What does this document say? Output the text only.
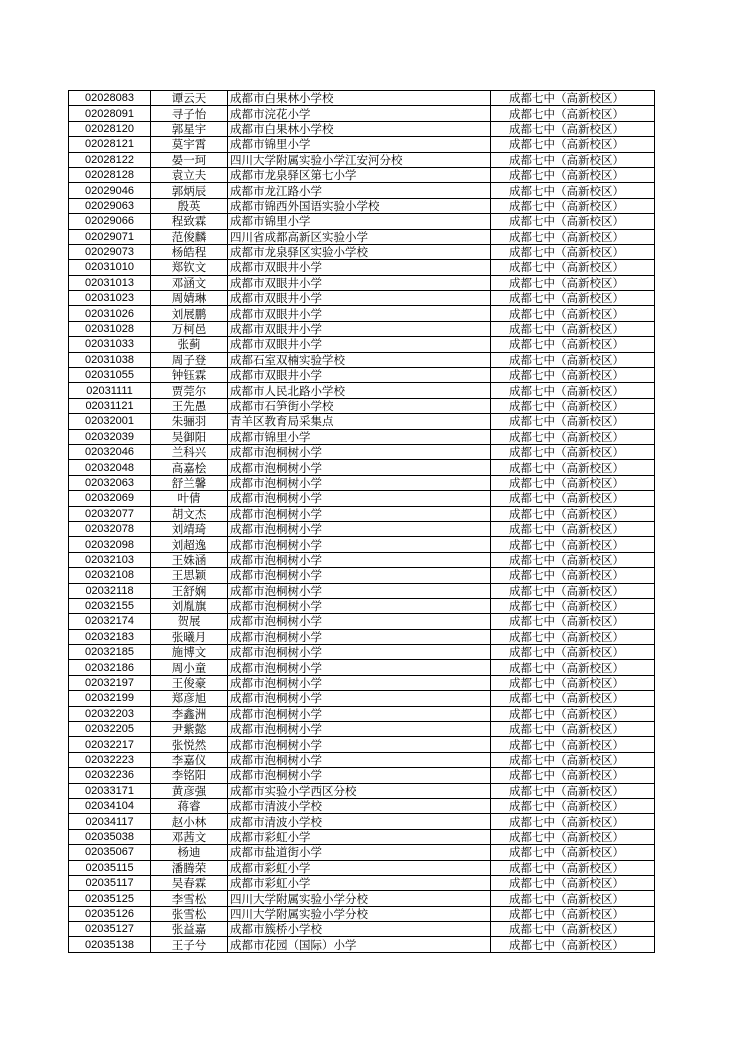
02028083	谭云天	成都市白果林小学校	成都七中（高新校区）
02028091	寻子怡	成都市浣花小学	成都七中（高新校区）
02028120	郭星宇	成都市白果林小学校	成都七中（高新校区）
02028121	莫宇霄	成都市锦里小学	成都七中（高新校区）
02028122	晏一珂	四川大学附属实验小学江安河分校	成都七中（高新校区）
02028128	袁立夫	成都市龙泉驿区第七小学	成都七中（高新校区）
02029046	郭炳辰	成都市龙江路小学	成都七中（高新校区）
02029063	殷英	成都市锦西外国语实验小学校	成都七中（高新校区）
02029066	程致霖	成都市锦里小学	成都七中（高新校区）
02029071	范俊麟	四川省成都高新区实验小学	成都七中（高新校区）
02029073	杨皓程	成都市龙泉驿区实验小学校	成都七中（高新校区）
02031010	郑钦文	成都市双眼井小学	成都七中（高新校区）
02031013	邓涵文	成都市双眼井小学	成都七中（高新校区）
02031023	周婧琳	成都市双眼井小学	成都七中（高新校区）
02031026	刘展鹏	成都市双眼井小学	成都七中（高新校区）
02031028	万柯邑	成都市双眼井小学	成都七中（高新校区）
02031033	张蓟	成都市双眼井小学	成都七中（高新校区）
02031038	周子登	成都石室双楠实验学校	成都七中（高新校区）
02031055	钟钰霖	成都市双眼井小学	成都七中（高新校区）
02031111	贾莞尔	成都市人民北路小学校	成都七中（高新校区）
02031121	王先愚	成都市石笋街小学校	成都七中（高新校区）
02032001	朱骊羽	青羊区教育局采集点	成都七中（高新校区）
02032039	吴御阳	成都市锦里小学	成都七中（高新校区）
02032046	兰科兴	成都市泡桐树小学	成都七中（高新校区）
02032048	高嘉桧	成都市泡桐树小学	成都七中（高新校区）
02032063	舒兰馨	成都市泡桐树小学	成都七中（高新校区）
02032069	叶倩	成都市泡桐树小学	成都七中（高新校区）
02032077	胡文杰	成都市泡桐树小学	成都七中（高新校区）
02032078	刘靖琦	成都市泡桐树小学	成都七中（高新校区）
02032098	刘超逸	成都市泡桐树小学	成都七中（高新校区）
02032103	王姝涵	成都市泡桐树小学	成都七中（高新校区）
02032108	王思颖	成都市泡桐树小学	成都七中（高新校区）
02032118	王舒娴	成都市泡桐树小学	成都七中（高新校区）
02032155	刘胤旗	成都市泡桐树小学	成都七中（高新校区）
02032174	贺展	成都市泡桐树小学	成都七中（高新校区）
02032183	张曦月	成都市泡桐树小学	成都七中（高新校区）
02032185	施博文	成都市泡桐树小学	成都七中（高新校区）
02032186	周小童	成都市泡桐树小学	成都七中（高新校区）
02032197	王俊豪	成都市泡桐树小学	成都七中（高新校区）
02032199	郑彦旭	成都市泡桐树小学	成都七中（高新校区）
02032203	李鑫洲	成都市泡桐树小学	成都七中（高新校区）
02032205	尹紫懿	成都市泡桐树小学	成都七中（高新校区）
02032217	张悦然	成都市泡桐树小学	成都七中（高新校区）
02032223	李嘉仪	成都市泡桐树小学	成都七中（高新校区）
02032236	李铭阳	成都市泡桐树小学	成都七中（高新校区）
02033171	黄彦强	成都市实验小学西区分校	成都七中（高新校区）
02034104	蒋睿	成都市清波小学校	成都七中（高新校区）
02034117	赵小林	成都市清波小学校	成都七中（高新校区）
02035038	邓茜文	成都市彩虹小学	成都七中（高新校区）
02035067	杨迪	成都市盐道街小学	成都七中（高新校区）
02035115	潘腾荣	成都市彩虹小学	成都七中（高新校区）
02035117	吴春霖	成都市彩虹小学	成都七中（高新校区）
02035125	李雪松	四川大学附属实验小学分校	成都七中（高新校区）
02035126	张雪松	四川大学附属实验小学分校	成都七中（高新校区）
02035127	张益嘉	成都市簇桥小学校	成都七中（高新校区）
02035138	王子兮	成都市花园（国际）小学	成都七中（高新校区）
